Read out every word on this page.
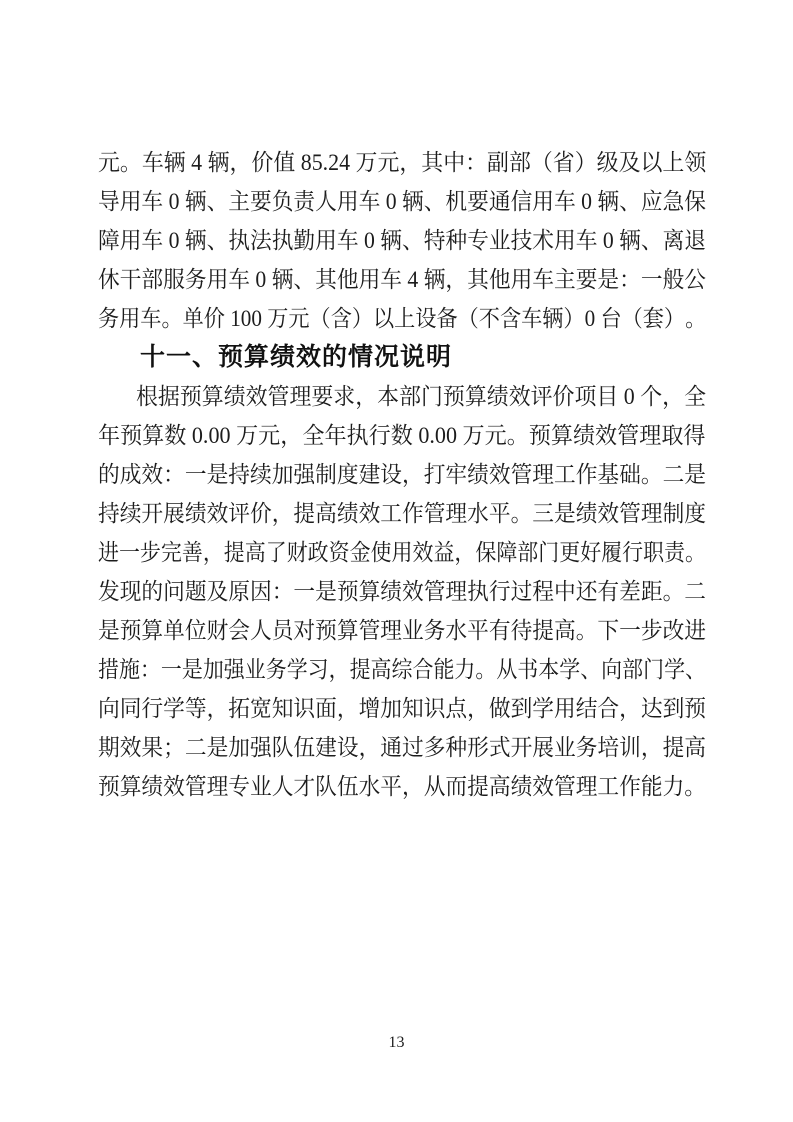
元 。 车 辆 4 辆 ， 价 值 85.24 万 元 ， 其 中 ： 副 部 （ 省 ） 级 及 以 上 领
导 用 车 0 辆 、 主 要 负 责 人 用 车 0 辆 、 机 要 通 信 用 车 0 辆 、 应 急 保
障 用 车 0 辆 、 执 法 执 勤 用 车 0 辆 、 特 种 专 业 技 术 用 车 0 辆 、 离 退
休 干 部 服 务 用 车 0 辆 、 其 他 用 车 4 辆 ， 其 他 用 车 主 要 是 ： 一 般 公
务 用 车 。 单 价 100 万 元 （ 含 ） 以 上 设 备 （ 不 含 车 辆 ） 0 台 （ 套 ） 。
十一、预算绩效的情况说明
根 据 预 算 绩 效 管 理 要 求 ， 本 部 门 预 算 绩 效 评 价 项 目 0 个 ， 全
年 预 算 数 0.00 万 元 ， 全 年 执 行 数 0.00 万 元 。 预 算 绩 效 管 理 取 得
的 成 效 ： 一 是 持 续 加 强 制 度 建 设 ， 打 牢 绩 效 管 理 工 作 基 础 。 二 是
持 续 开 展 绩 效 评 价 ， 提 高 绩 效 工 作 管 理 水 平 。 三 是 绩 效 管 理 制 度
进 一 步 完 善 ， 提 高 了 财 政 资 金 使 用 效 益 ， 保 障 部 门 更 好 履 行 职 责 。
发 现 的 问 题 及 原 因 ： 一 是 预 算 绩 效 管 理 执 行 过 程 中 还 有 差 距 。 二
是 预 算 单 位 财 会 人 员 对 预 算 管 理 业 务 水 平 有 待 提 高 。 下 一 步 改 进
措 施 ： 一 是 加 强 业 务 学 习 ， 提 高 综 合 能 力 。 从 书 本 学 、 向 部 门 学 、
向 同 行 学 等 ， 拓 宽 知 识 面 ， 增 加 知 识 点 ， 做 到 学 用 结 合 ， 达 到 预
期 效 果 ； 二 是 加 强 队 伍 建 设 ， 通 过 多 种 形 式 开 展 业 务 培 训 ， 提 高
预 算 绩 效 管 理 专 业 人 才 队 伍 水 平 ， 从 而 提 高 绩 效 管 理 工 作 能 力 。
13
